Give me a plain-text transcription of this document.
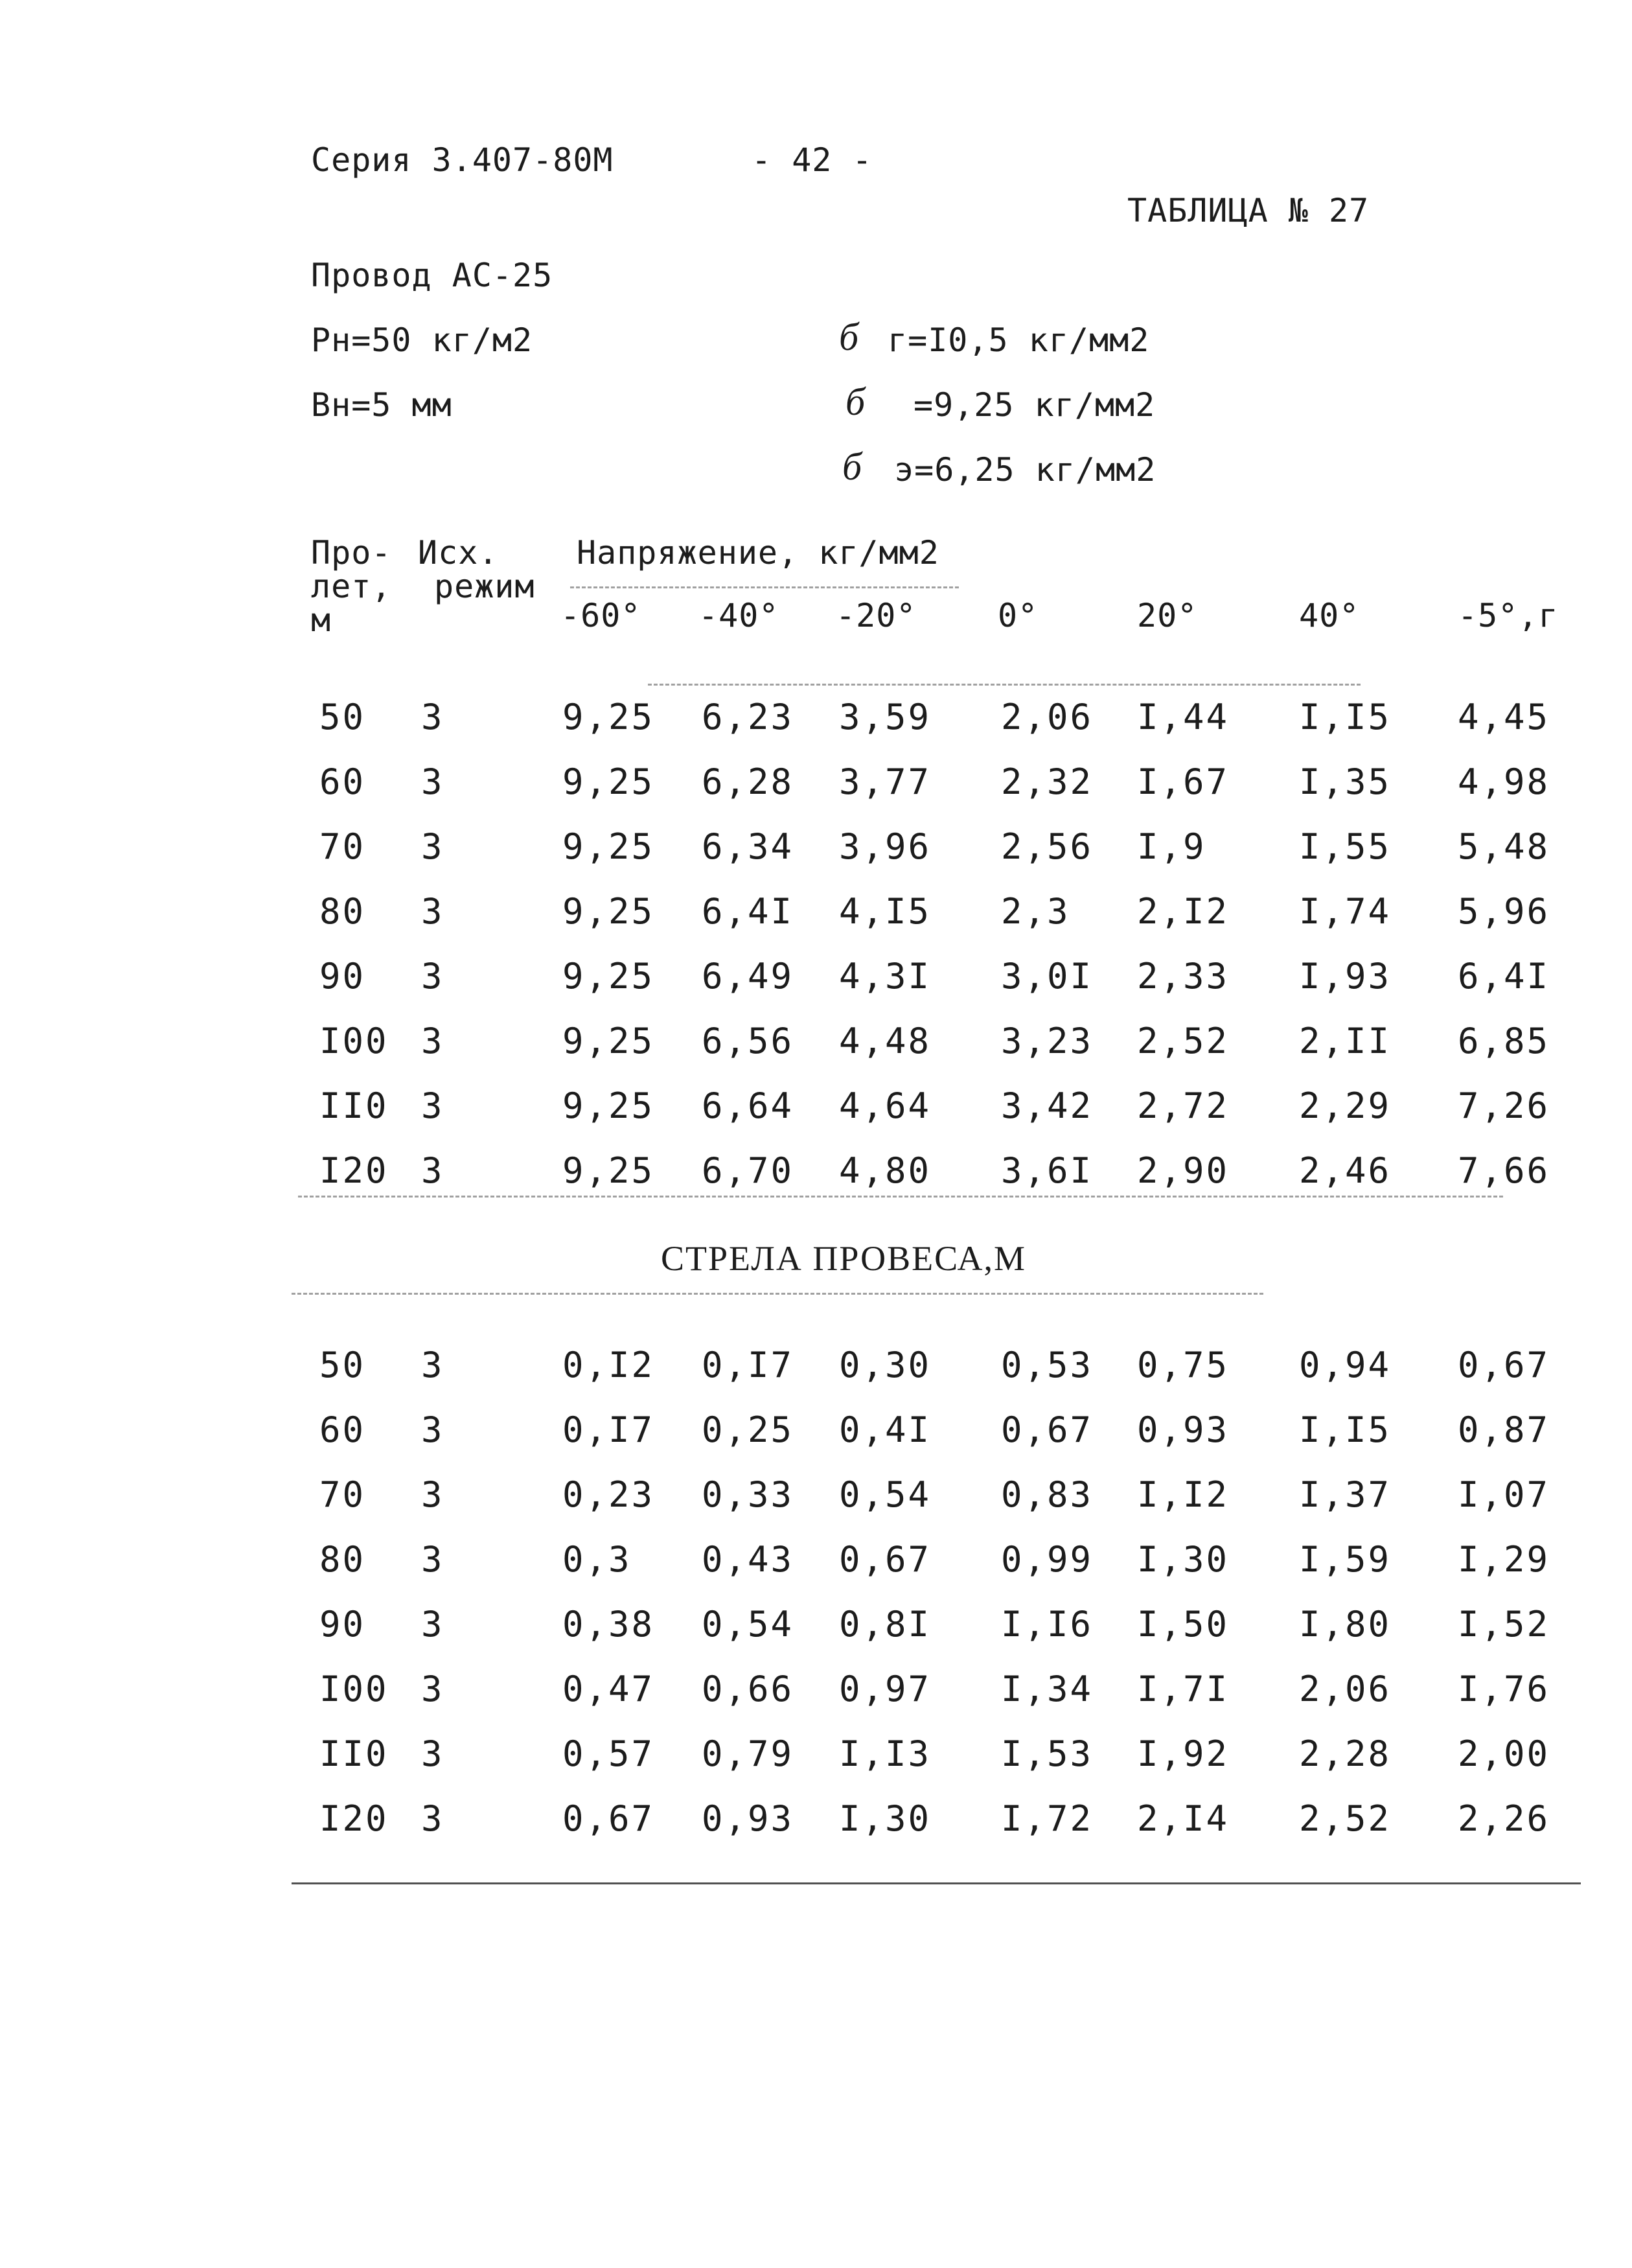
Серия 3.407-80М	- 42 -
ТАБЛИЦА № 27
Провод АС-25
Рн=50 кг/м2
Вн=5 мм
б г=I0,5 кг/мм2
б =9,25 кг/мм2
б э=6,25 кг/мм2
Про-
лет,
м
Исх.
режим
Напряжение, кг/мм2
-60° -40° -20°	0°	20°	40°	-5°,г
50 3	9,25 6,23 3,59 2,06 I,44 I,I5 4,45
60 3	9,25 6,28 3,77 2,32 I,67 I,35 4,98
70 3	9,25 6,34 3,96 2,56 I,9	I,55 5,48
80 3	9,25 6,4I 4,I5 2,3 2,I2 I,74 5,96
90 3	9,25 6,49 4,3I 3,0I 2,33 I,93 6,4I
I00 3	9,25 6,56 4,48 3,23 2,52 2,II 6,85
II0 3	9,25 6,64 4,64 3,42 2,72 2,29 7,26
I20 3	9,25 6,70 4,80 3,6I 2,90 2,46 7,66
СТРЕЛА ПРОВЕСА,М
50 3	0,I2 0,I7 0,30 0,53 0,75 0,94 0,67
60 3	0,I7 0,25 0,4I 0,67 0,93 I,I5 0,87
70 3	0,23 0,33 0,54 0,83 I,I2 I,37 I,07
80 3	0,3 0,43 0,67 0,99 I,30 I,59 I,29
90 3	0,38 0,54 0,8I I,I6 I,50 I,80 I,52
I00 3	0,47 0,66 0,97 I,34 I,7I 2,06 I,76
II0 3	0,57 0,79 I,I3 I,53 I,92 2,28 2,00
I20 3	0,67 0,93 I,30 I,72 2,I4 2,52 2,26
